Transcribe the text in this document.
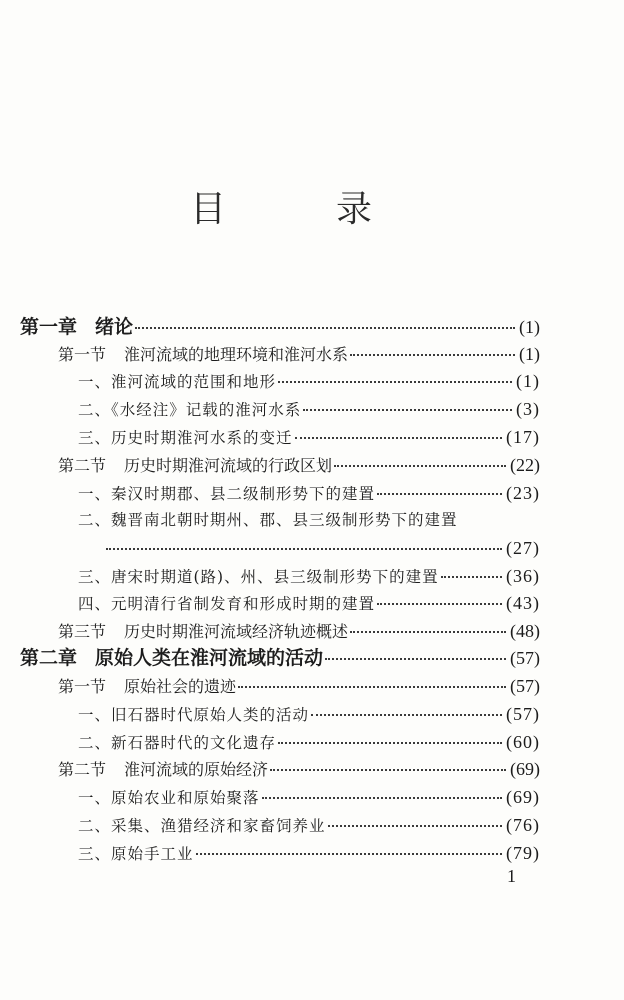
目	录
第一章 绪论	(1)
第一节 淮河流域的地理环境和淮河水系	(1)
一、淮河流域的范围和地形	(1)
二、《水经注》记载的淮河水系	(3)
三、历史时期淮河水系的变迁	(17)
第二节 历史时期淮河流域的行政区划	(22)
一、秦汉时期郡、县二级制形势下的建置	(23)
二、魏晋南北朝时期州、郡、县三级制形势下的建置
(27)
三、唐宋时期道(路)、州、县三级制形势下的建置	(36)
四、元明清行省制发育和形成时期的建置	(43)
第三节 历史时期淮河流域经济轨迹概述	(48)
第二章 原始人类在淮河流域的活动	(57)
第一节 原始社会的遗迹	(57)
一、旧石器时代原始人类的活动	(57)
二、新石器时代的文化遗存	(60)
第二节 淮河流域的原始经济	(69)
一、原始农业和原始聚落	(69)
二、采集、渔猎经济和家畜饲养业	(76)
三、原始手工业	(79)
1
